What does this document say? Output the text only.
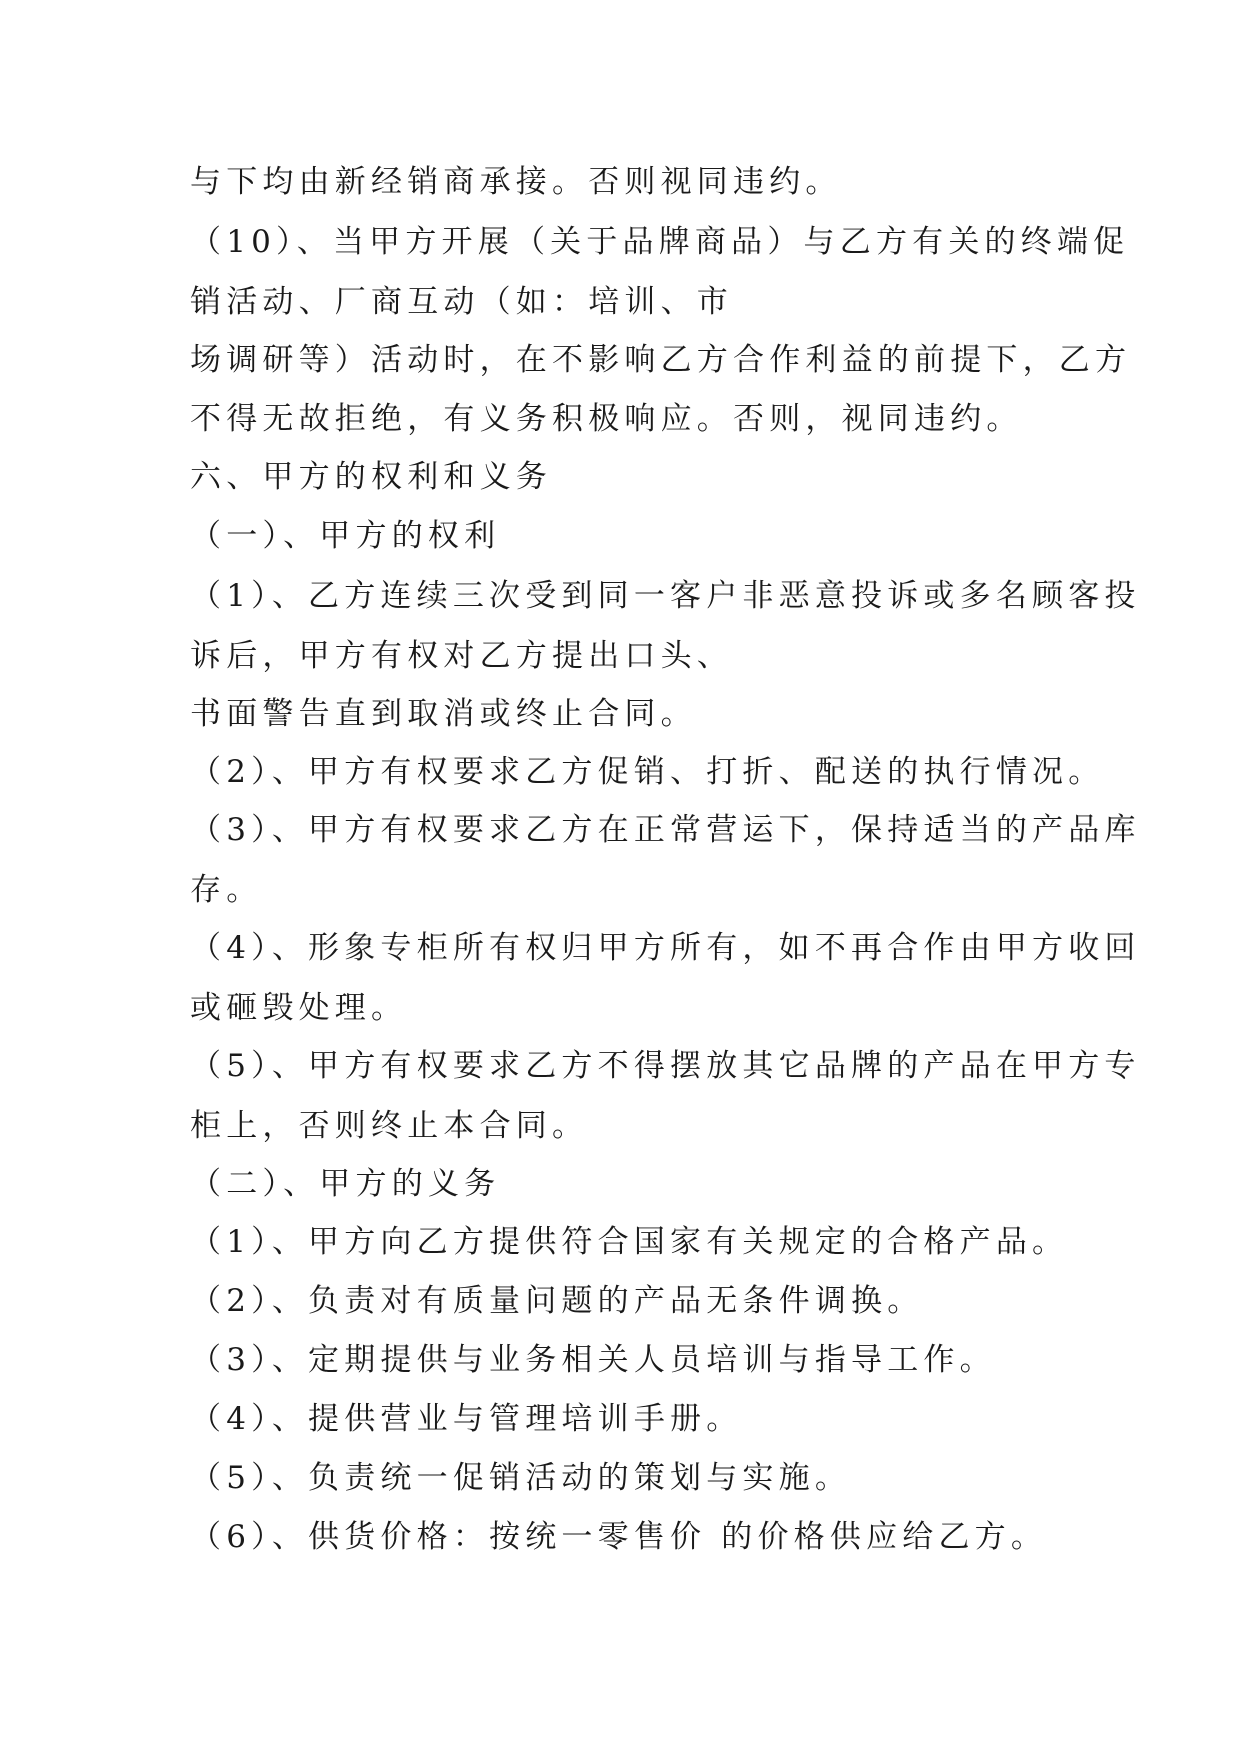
与下均由新经销商承接。否则视同违约。
（10）、当甲方开展（关于品牌商品）与乙方有关的终端促
销活动、厂商互动（如：培训、市
场调研等）活动时，在不影响乙方合作利益的前提下，乙方
不得无故拒绝，有义务积极响应。否则，视同违约。
六、甲方的权利和义务
（一）、甲方的权利
（1）、乙方连续三次受到同一客户非恶意投诉或多名顾客投
诉后，甲方有权对乙方提出口头、
书面警告直到取消或终止合同。
（2）、甲方有权要求乙方促销、打折、配送的执行情况。
（3）、甲方有权要求乙方在正常营运下，保持适当的产品库
存。
（4）、形象专柜所有权归甲方所有，如不再合作由甲方收回
或砸毁处理。
（5）、甲方有权要求乙方不得摆放其它品牌的产品在甲方专
柜上，否则终止本合同。
（二）、甲方的义务
（1）、甲方向乙方提供符合国家有关规定的合格产品。
（2）、负责对有质量问题的产品无条件调换。
（3）、定期提供与业务相关人员培训与指导工作。
（4）、提供营业与管理培训手册。
（5）、负责统一促销活动的策划与实施。
（6）、供货价格：按统一零售价 的价格供应给乙方。
